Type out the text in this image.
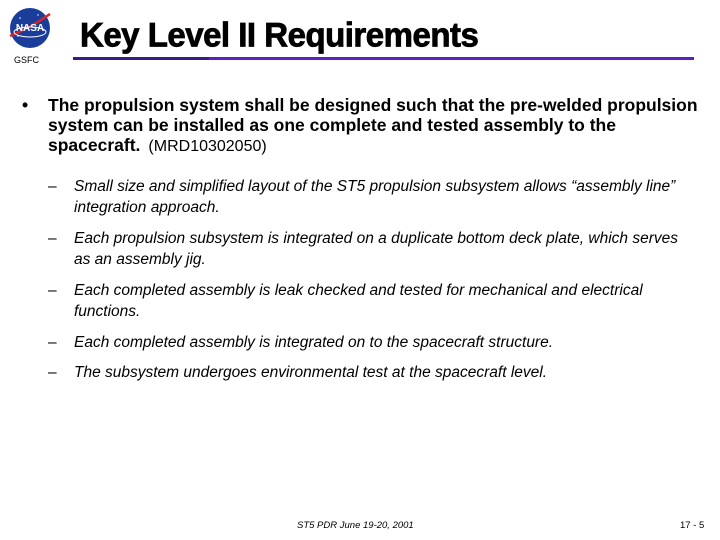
NASA
GSFC
Key Level II Requirements
• The propulsion system shall be designed such that the pre-welded propulsion system can be installed as one complete and tested assembly to the spacecraft. (MRD10302050)
– Small size and simplified layout of the ST5 propulsion subsystem allows “assembly line” integration approach.
– Each propulsion subsystem is integrated on a duplicate bottom deck plate, which serves as an assembly jig.
– Each completed assembly is leak checked and tested for mechanical and electrical functions.
– Each completed assembly is integrated on to the spacecraft structure.
– The subsystem undergoes environmental test at the spacecraft level.
ST5 PDR June 19-20, 2001	17 - 5
